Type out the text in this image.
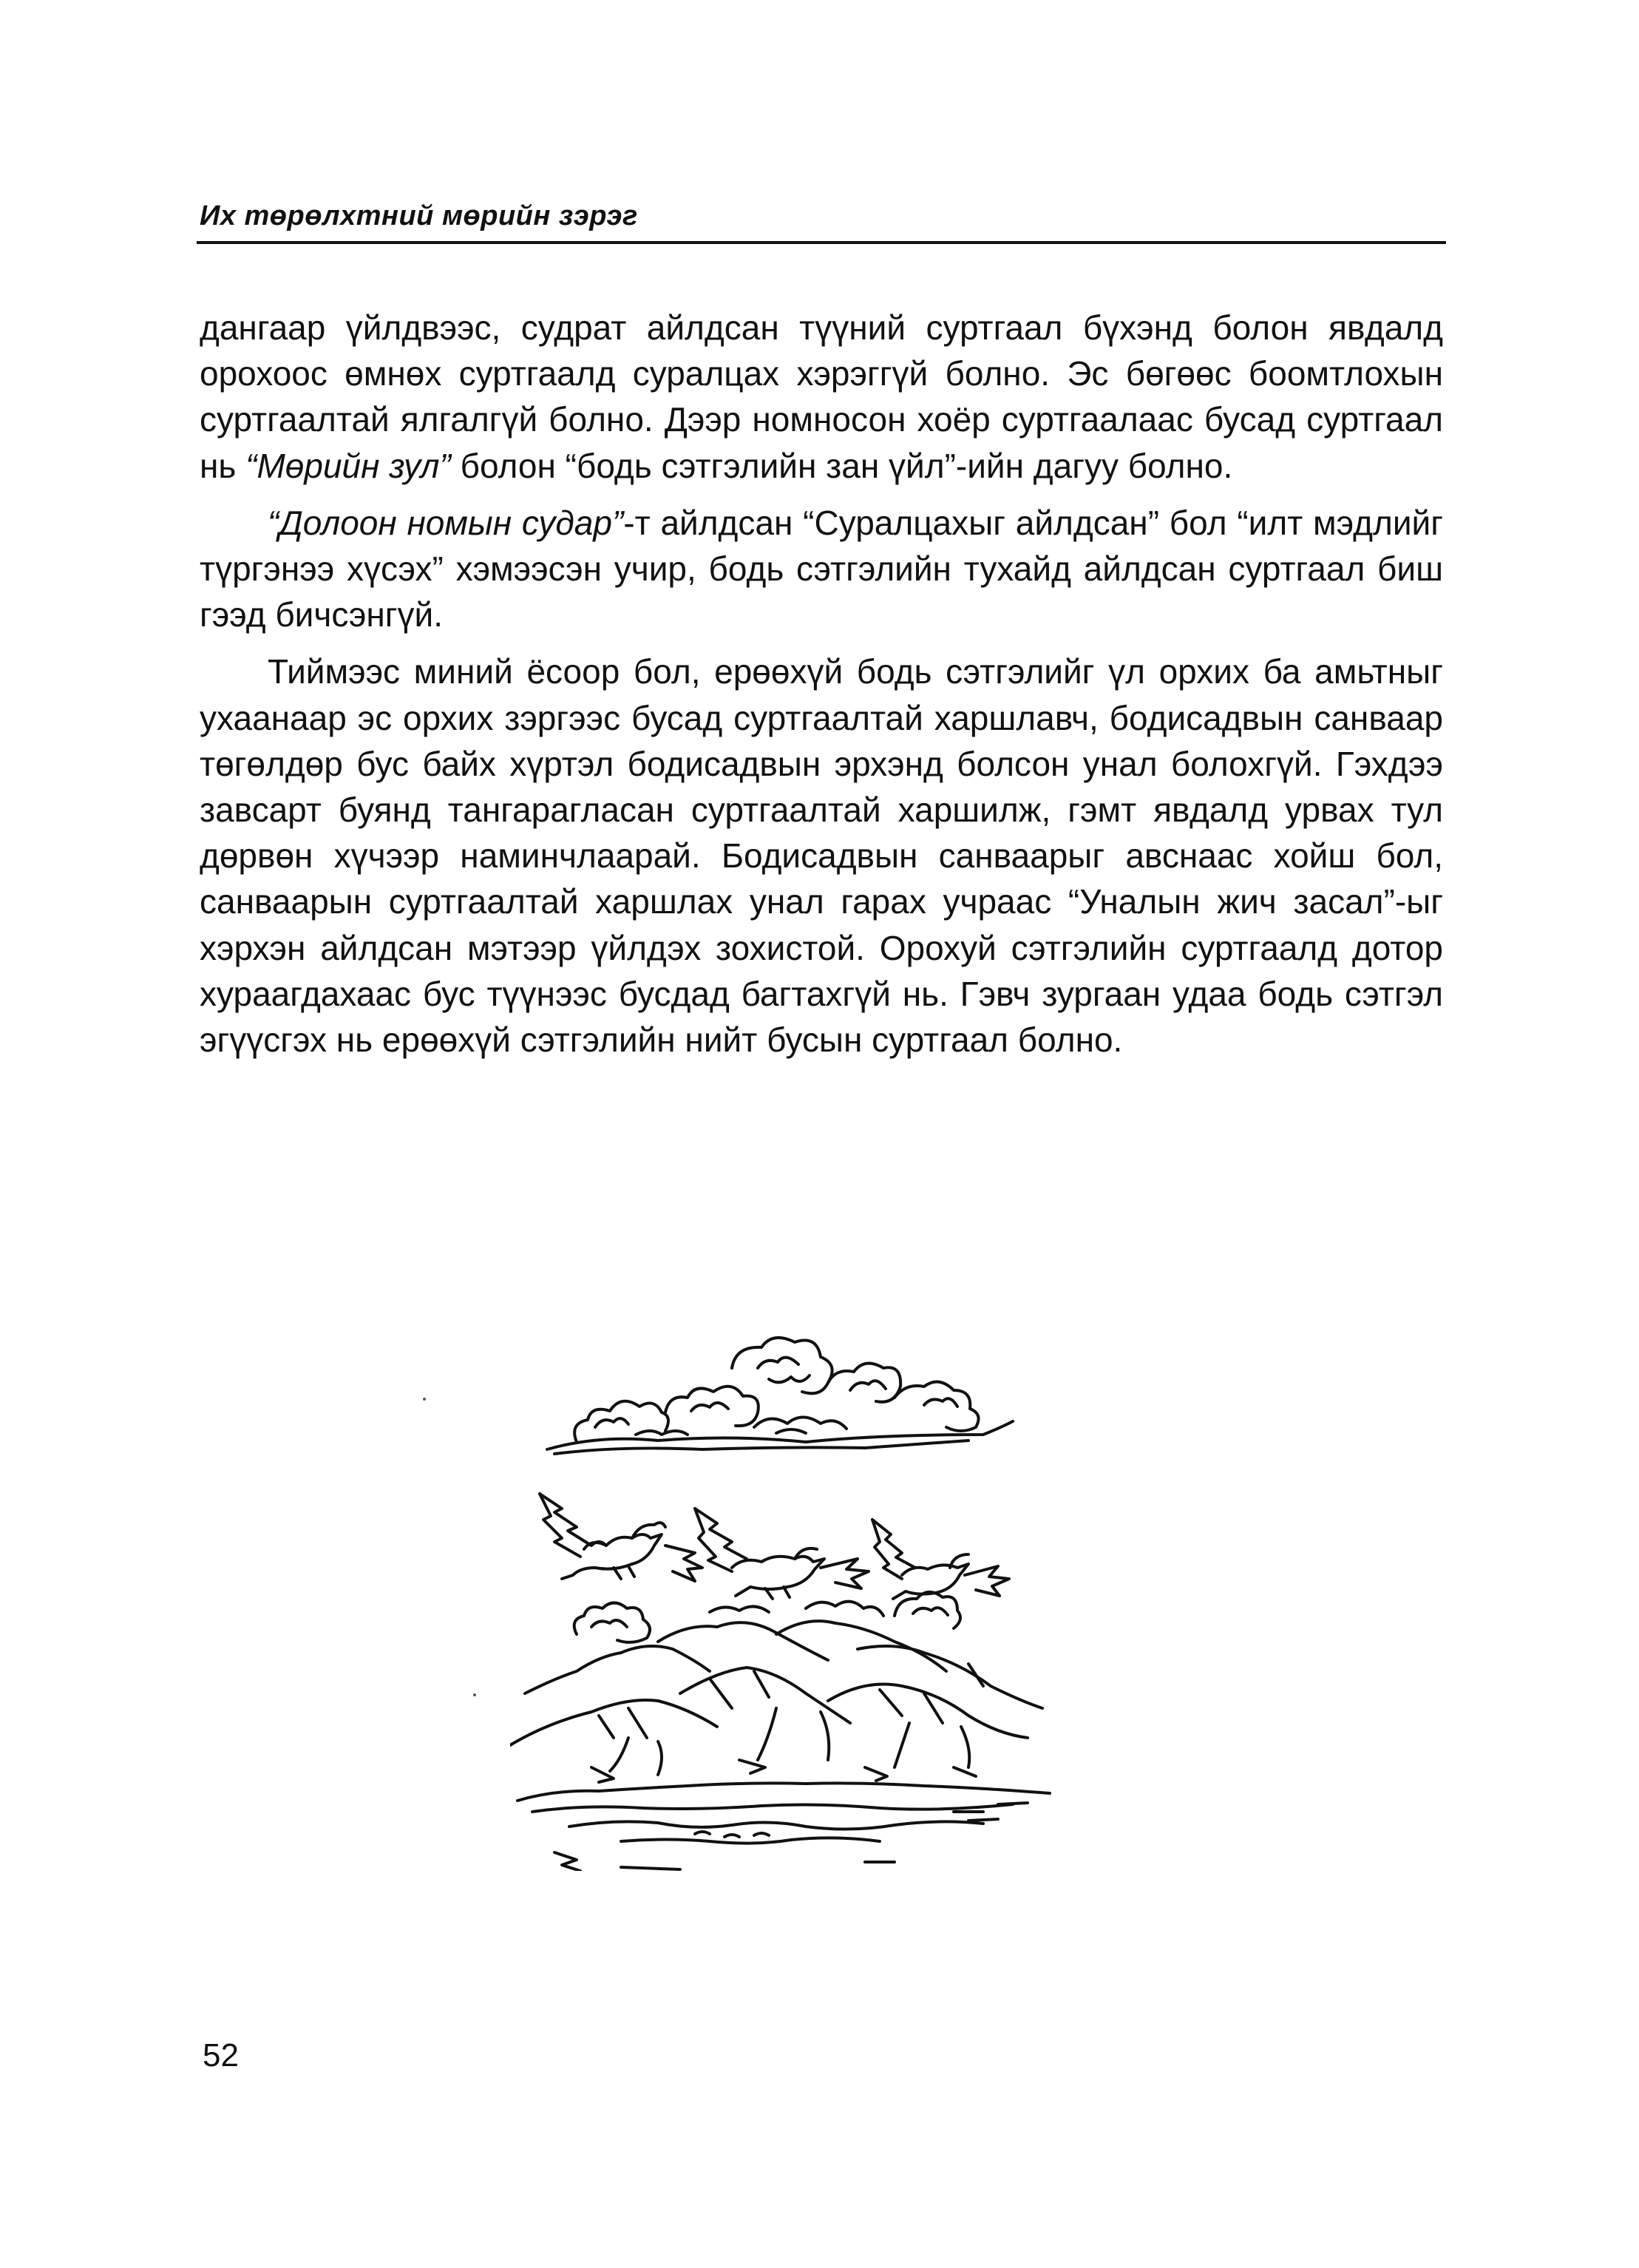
Их төрөлхтний мөрийн зэрэг

дангаар үйлдвээс, судрат айлдсан түүний суртгаал бүхэнд болон явдалд орохоос өмнөх суртгаалд суралцах хэрэггүй болно. Эс бөгөөс боомтлохын суртгаалтай ялгалгүй болно. Дээр номносон хоёр суртгаалаас бусад суртгаал нь “Мөрийн зул” болон “бодь сэтгэлийн зан үйл”-ийн дагуу болно.

“Долоон номын судар”-т айлдсан “Суралцахыг айлдсан” бол “илт мэдлийг түргэнээ хүсэх” хэмээсэн учир, бодь сэтгэлийн тухайд айлдсан суртгаал биш гээд бичсэнгүй.

Тиймээс миний ёсоор бол, ерөөхүй бодь сэтгэлийг үл орхих ба амьтныг ухаанаар эс орхих зэргээс бусад суртгаалтай харшлавч, бодисадвын санваар төгөлдөр бус байх хүртэл бодисадвын эрхэнд болсон унал болохгүй. Гэхдээ завсарт буянд тангарагласан суртгаалтай харшилж, гэмт явдалд урвах тул дөрвөн хүчээр наминчлаарай. Бодисадвын санваарыг авснаас хойш бол, санваарын суртгаалтай харшлах унал гарах учраас “Уналын жич засал”-ыг хэрхэн айлдсан мэтээр үйлдэх зохистой. Орохуй сэтгэлийн суртгаалд дотор хураагдахаас бус түүнээс бусдад багтахгүй нь. Гэвч зургаан удаа бодь сэтгэл эгүүсгэх нь ерөөхүй сэтгэлийн нийт бусын суртгаал болно.

52
